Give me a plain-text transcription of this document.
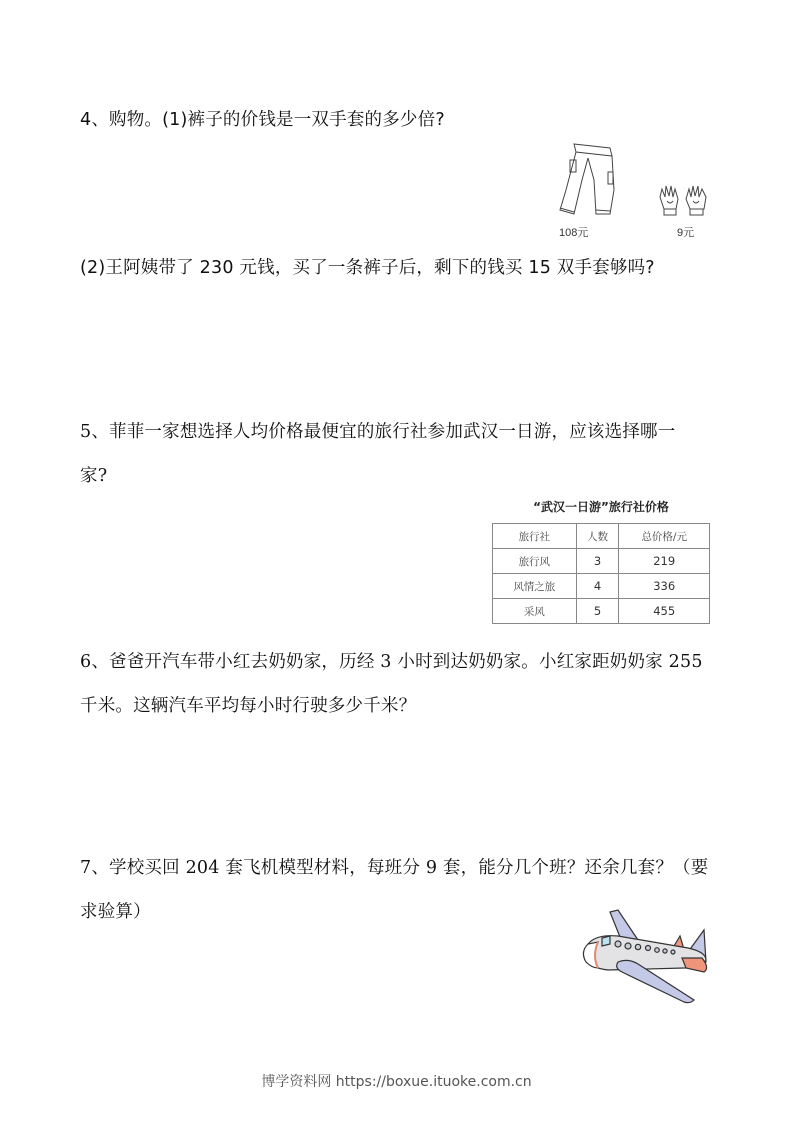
4、购物。(1)裤子的价钱是一双手套的多少倍?
108元	9元
(2)王阿姨带了 230 元钱，买了一条裤子后，剩下的钱买 15 双手套够吗?
5、菲菲一家想选择人均价格最便宜的旅行社参加武汉一日游，应该选择哪一
家?
“武汉一日游”旅行社价格
旅行社	人数	总价格/元
旅行风	3	219
风情之旅	4	336
采风	5	455
6、爸爸开汽车带小红去奶奶家，历经 3 小时到达奶奶家。小红家距奶奶家 255
千米。这辆汽车平均每小时行驶多少千米？
7、学校买回 204 套飞机模型材料，每班分 9 套，能分几个班？还余几套？（要
求验算）
博学资料网 https://boxue.ituoke.com.cn
